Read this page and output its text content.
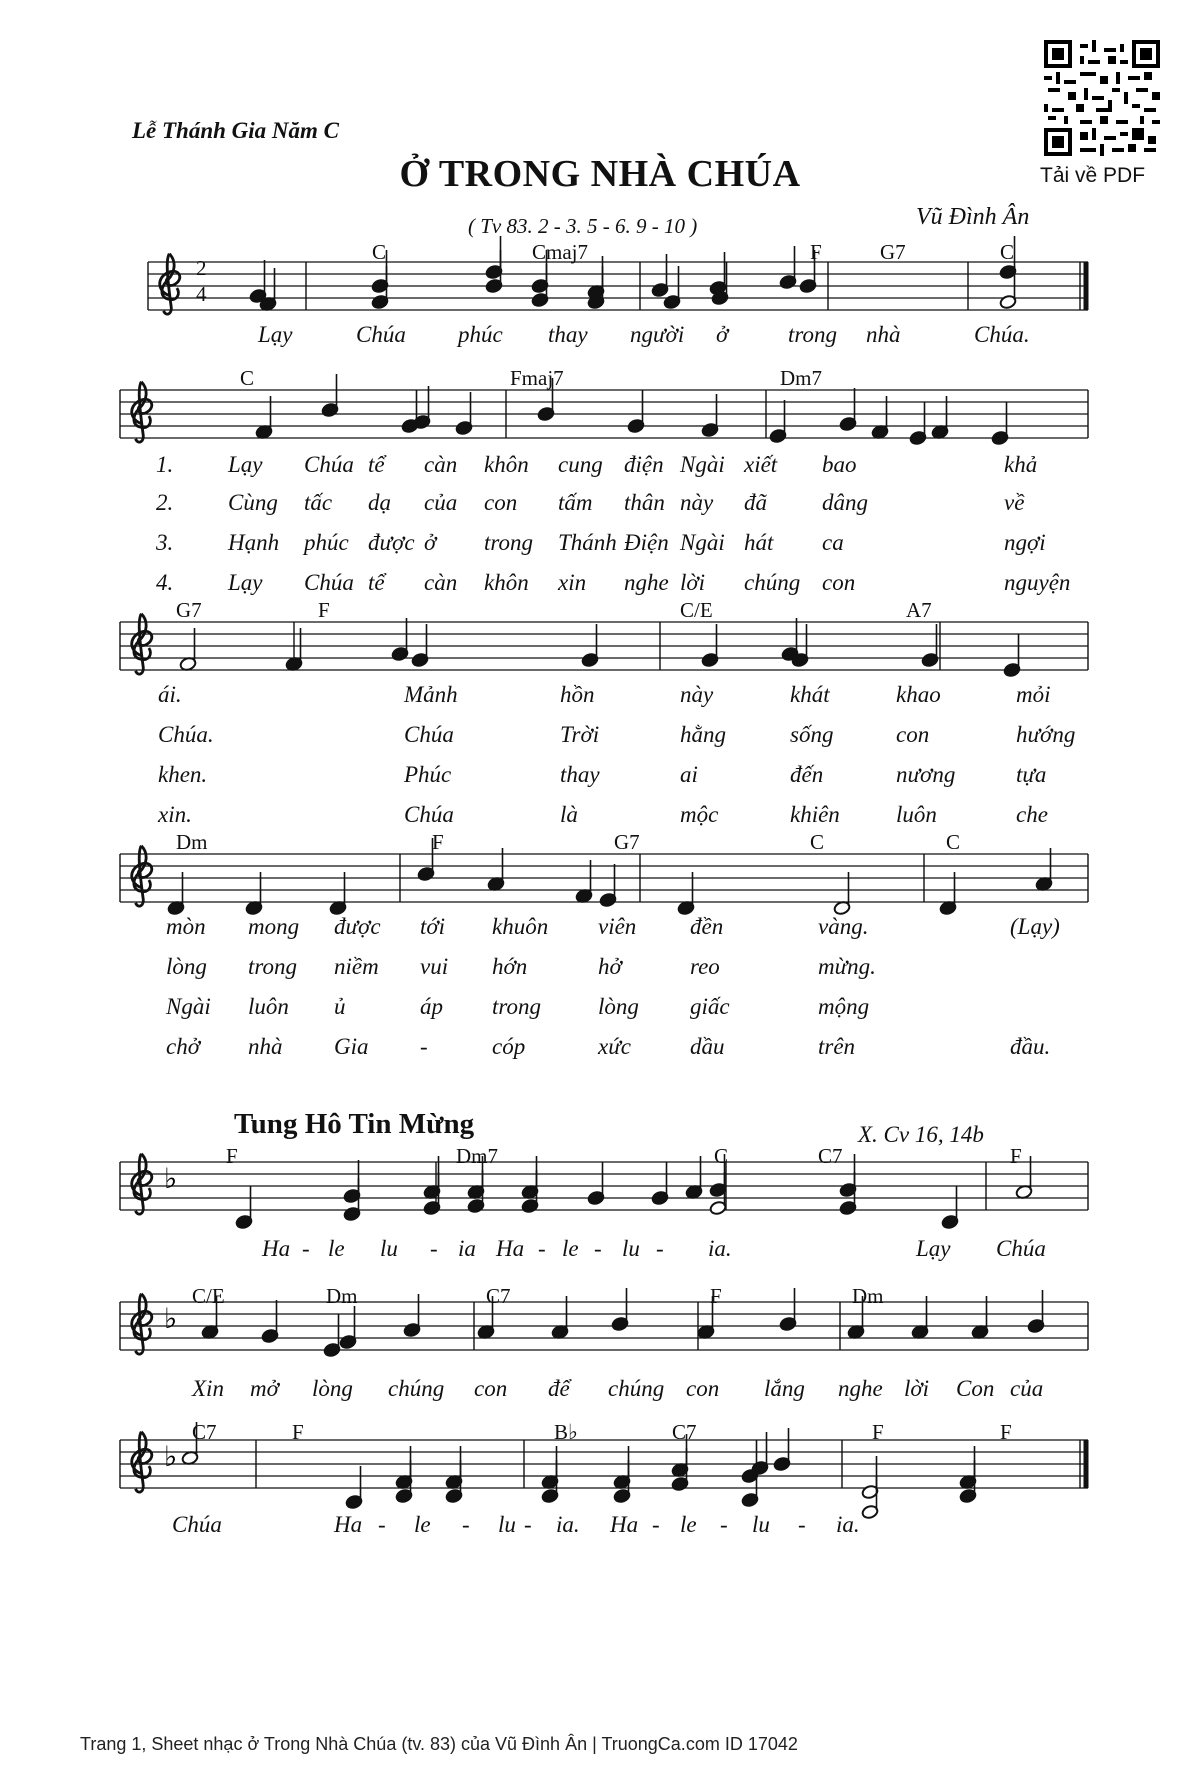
Lễ Thánh Gia Năm C
Ở TRONG NHÀ CHÚA
( Tv 83. 2 - 3. 5 - 6. 9 - 10 )	Vũ Đình Ân
Tải về PDF
♭
♭
♭
2
4
C	Cmaj7	F	G7	C
Lạy	Chúa phúc thay người ở	trong nhà	Chúa.
C	Fmaj7	Dm7
1. Lạy Chúa tể càn khôn cung điện Ngài xiết bao	khả
2. Cùng tấc dạ của con tấm thân này đã dâng	về
3. Hạnh phúc được ở trong Thánh Điện Ngài hát ca	ngợi
4. Lạy Chúa tể càn khôn xin nghe lời chúng con	nguyện
G7	F	C/E	A7
ái.	Mảnh	hồn	này	khát	khao	mỏi
Chúa.	Chúa	Trời	hằng	sống	con	hướng
khen.	Phúc	thay	ai	đến	nương	tựa
xin.	Chúa	là	mộc	khiên luôn	che
Dm	F	G7	C	C
mòn mong được tới khuôn viên đền	vàng.	(Lạy)
lòng trong niềm vui hớn	hở	reo	mừng.
Ngài luôn ủ	áp trong lòng giấc	mộng
chở nhà Gia -	cóp	xức	dầu	trên	đầu.
F	Dm7	C	C7	F
Ha - le lu - ia Ha - le - lu - ia.	Lạy Chúa
C/E	Dm	C7	F	Dm
Xin mở lòng chúng con để chúng con lắng nghe lời Con của
C7	F	B♭	C7	F	F
Chúa	Ha - le - lu - ia. Ha - le - lu - ia.
Tung Hô Tin Mừng	X. Cv 16, 14b
Trang 1, Sheet nhạc ở Trong Nhà Chúa (tv. 83) của Vũ Đình Ân | TruongCa.com ID 17042
